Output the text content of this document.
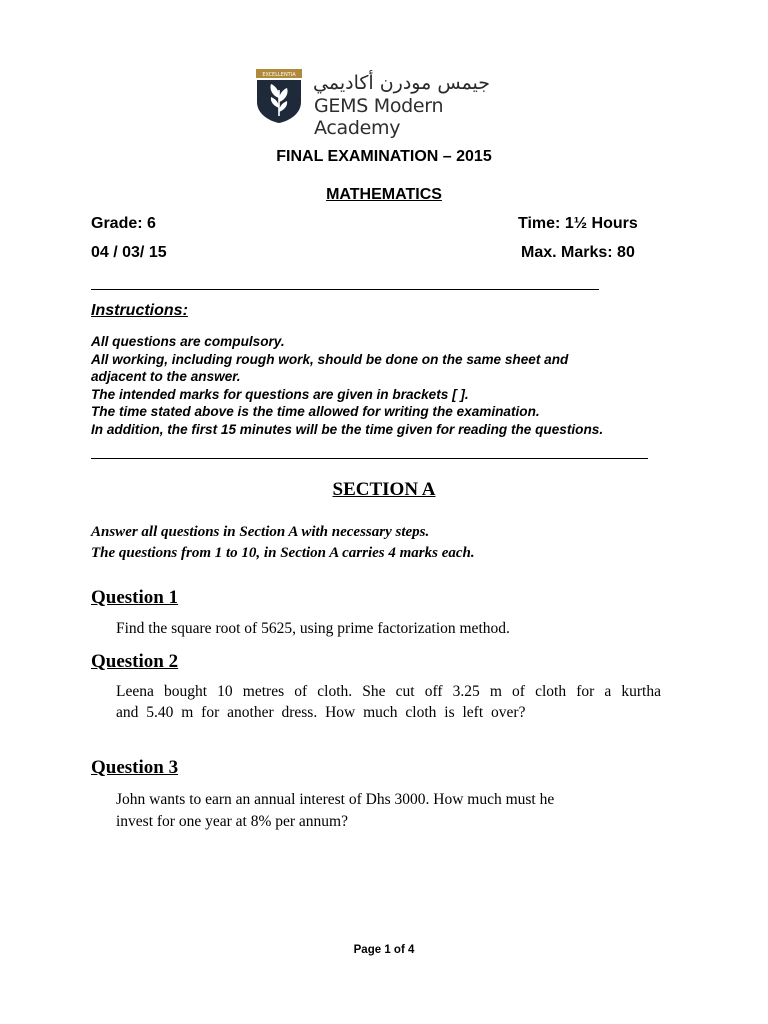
EXCELLENTIA جيمس مودرن أكاديمي
GEMS Modern Academy
FINAL EXAMINATION – 2015
MATHEMATICS
Grade: 6	Time: 1½ Hours
04 / 03/ 15	Max. Marks: 80
Instructions:
All questions are compulsory.
All working, including rough work, should be done on the same sheet and
adjacent to the answer.
The intended marks for questions are given in brackets [ ].
The time stated above is the time allowed for writing the examination.
In addition, the first 15 minutes will be the time given for reading the questions.
SECTION A
Answer all questions in Section A with necessary steps.
The questions from 1 to 10, in Section A carries 4 marks each.
Question 1
Find the square root of 5625, using prime factorization method.
Question 2
Leena bought 10 metres of cloth. She cut off 3.25 m of cloth for a kurtha
and 5.40 m for another dress. How much cloth is left over?
Question 3
John wants to earn an annual interest of Dhs 3000. How much must he
invest for one year at 8% per annum?
Page 1 of 4
